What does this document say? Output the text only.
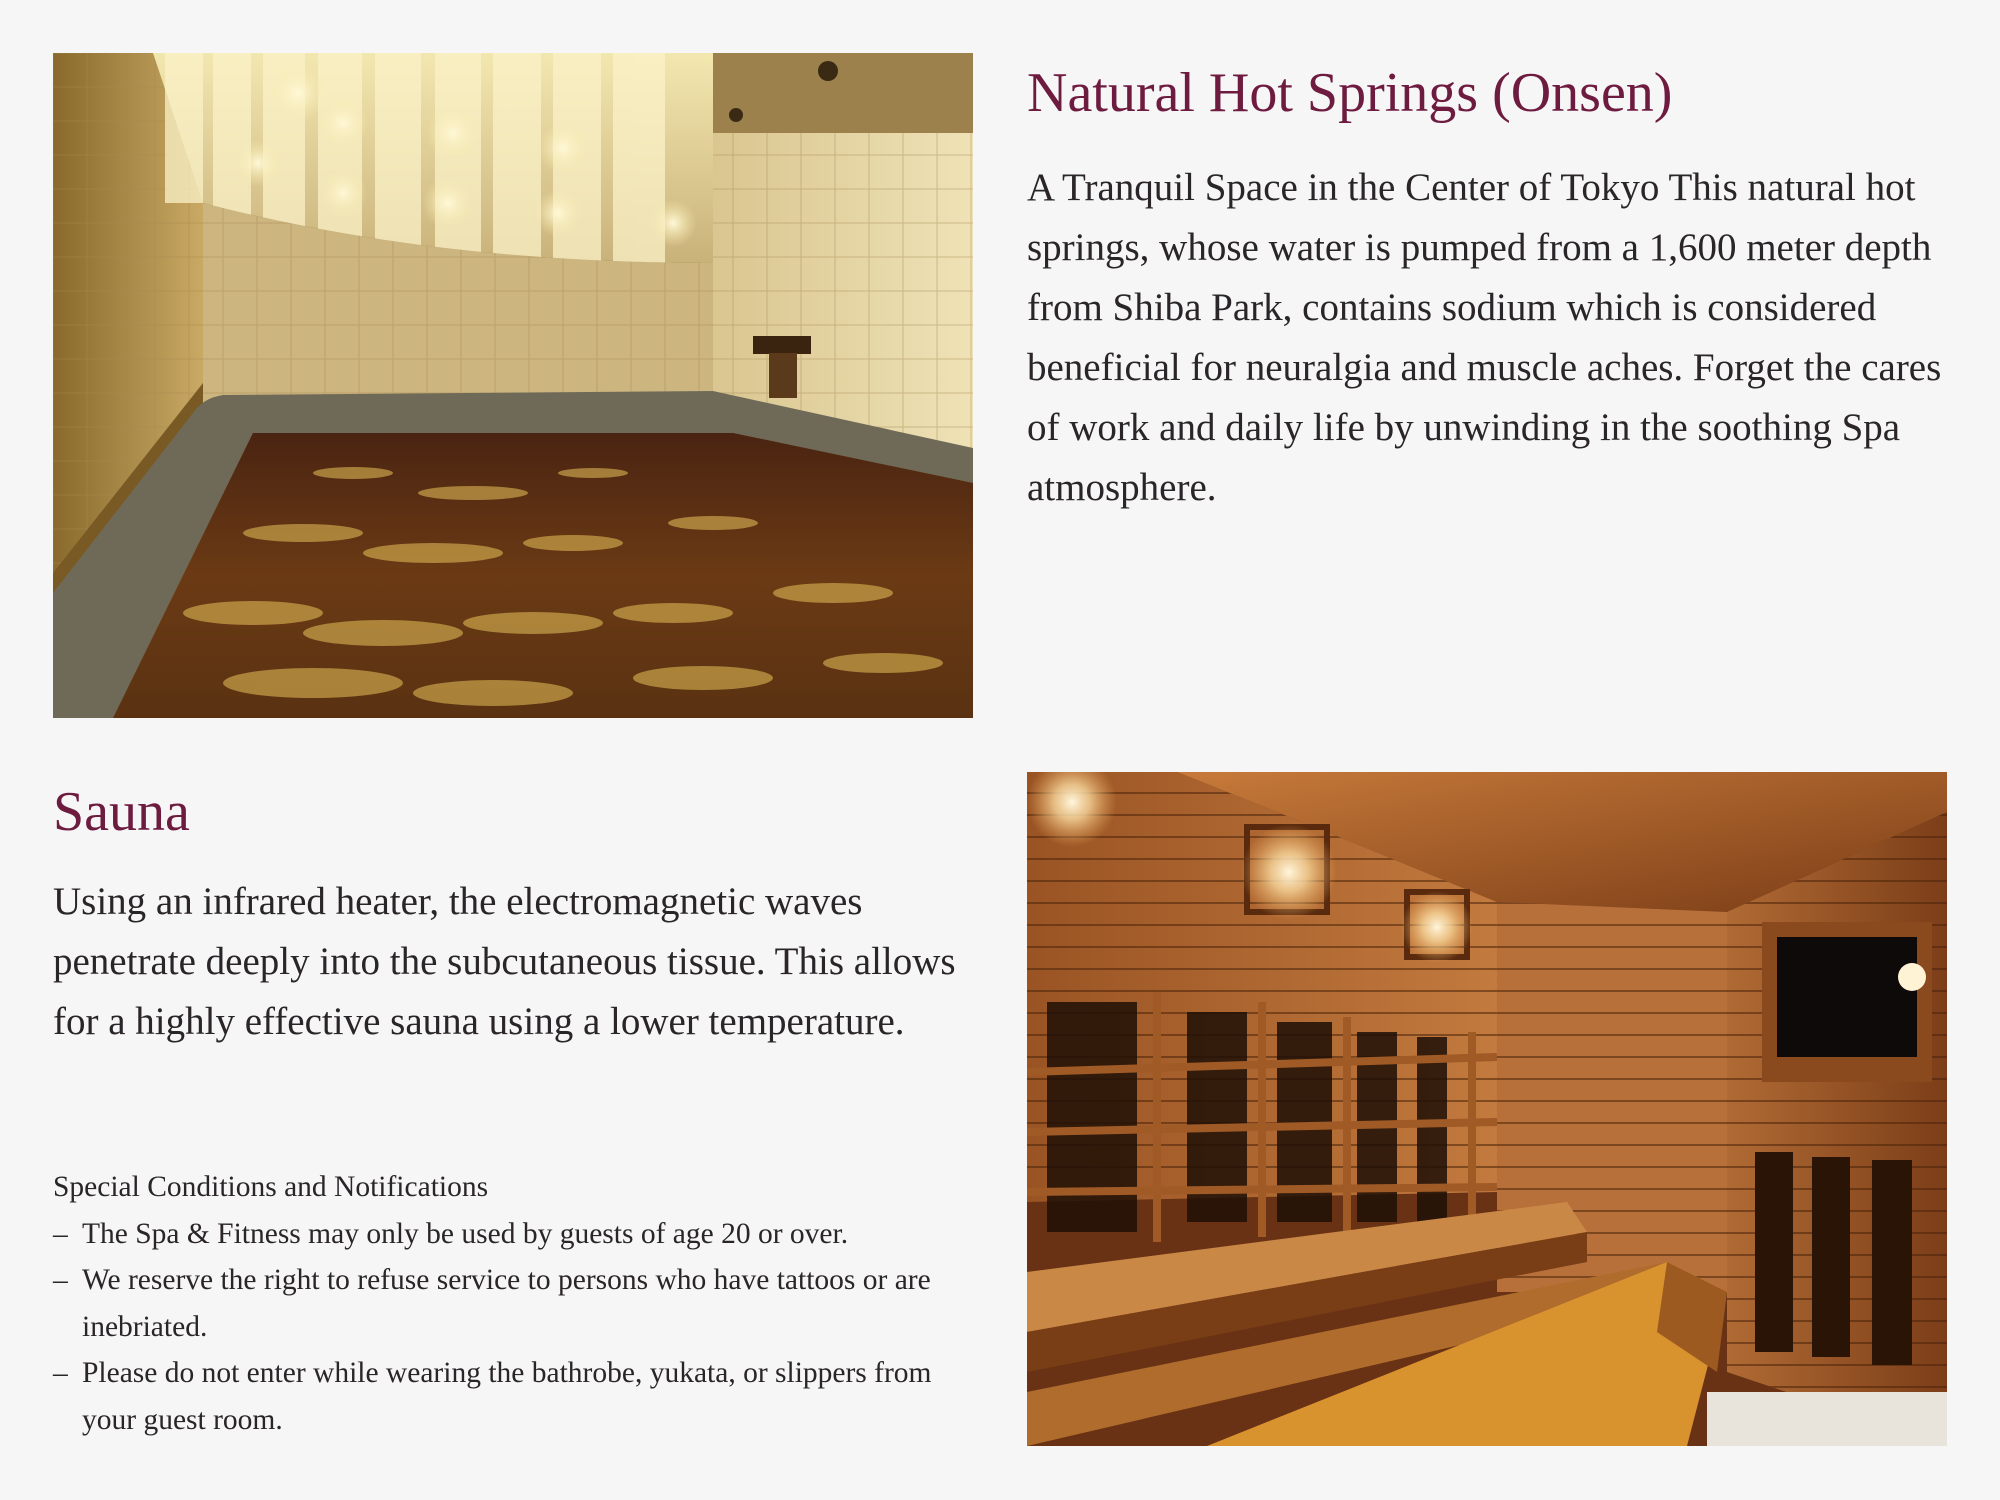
Natural Hot Springs (Onsen)

A Tranquil Space in the Center of Tokyo This natural hot springs, whose water is pumped from a 1,600 meter depth from Shiba Park, contains sodium which is considered beneficial for neuralgia and muscle aches. Forget the cares of work and daily life by unwinding in the soothing Spa atmosphere.

Sauna

Using an infrared heater, the electromagnetic waves penetrate deeply into the subcutaneous tissue. This allows for a highly effective sauna using a lower temperature.

Special Conditions and Notifications

– The Spa & Fitness may only be used by guests of age 20 or over.
– We reserve the right to refuse service to persons who have tattoos or are inebriated.
– Please do not enter while wearing the bathrobe, yukata, or slippers from your guest room.
